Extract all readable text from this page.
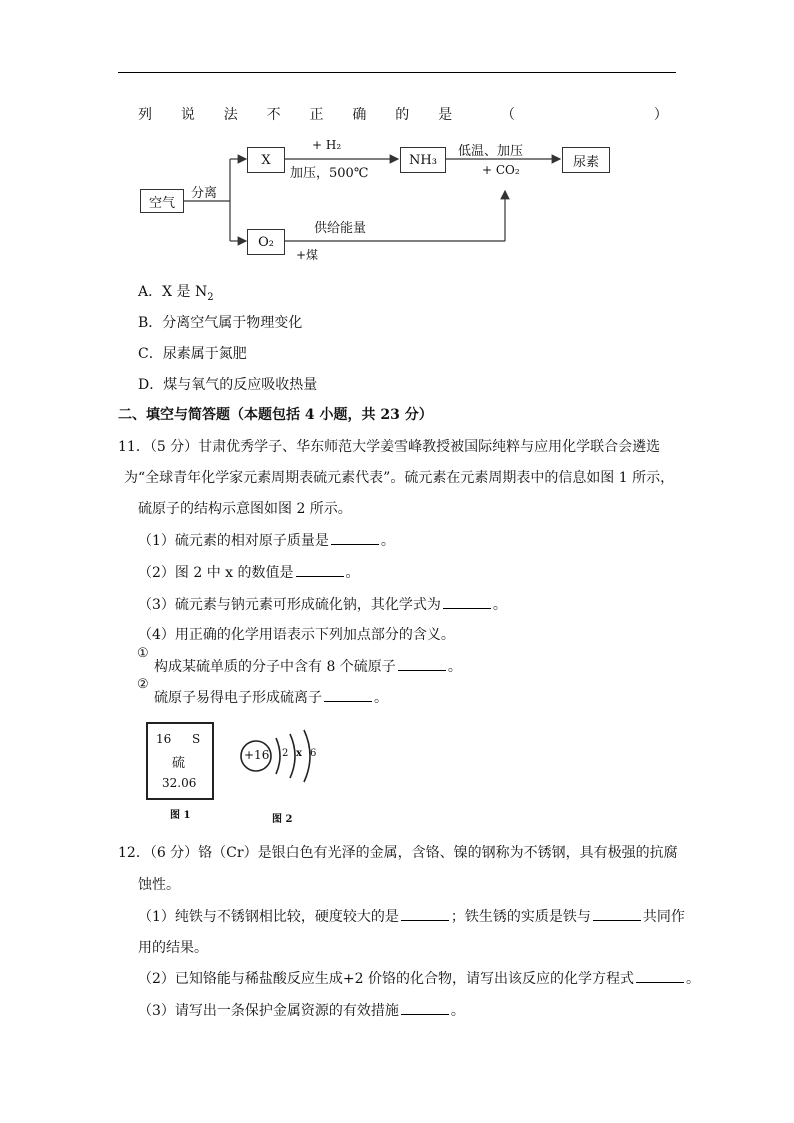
列 说 法 不 正 确 的 是	（	）
空气
分离
X
O₂
NH₃	尿素
+ H₂
加压，500℃
低温、加压
+ CO₂
供给能量
+煤
A．X 是 $N_2$
B．分离空气属于物理变化
C．尿素属于氮肥
D．煤与氧气的反应吸收热量
二、填空与简答题（本题包括 4 小题，共 23 分）
11．（5 分）甘肃优秀学子、华东师范大学姜雪峰教授被国际纯粹与应用化学联合会遴选
为“全球青年化学家元素周期表硫元素代表”。硫元素在元素周期表中的信息如图 1 所示，
硫原子的结构示意图如图 2 所示。
（1）硫元素的相对原子质量是	。
（2）图 2 中 x 的数值是	。
（3）硫元素与钠元素可形成硫化钠，其化学式为	。
（4）用正确的化学用语表示下列加点部分的含义。
①
构成某硫单质的分子中含有 8 个硫原子	。
②
硫原子易得电子形成硫离子	。
16 S
硫
32.06
图 1
+16 2 x 6
图 2
12．（6 分）铬（Cr）是银白色有光泽的金属，含铬、镍的钢称为不锈钢，具有极强的抗腐
蚀性。
（1）纯铁与不锈钢相比较，硬度较大的是	；铁生锈的实质是铁与	共同作
用的结果。
（2）已知铬能与稀盐酸反应生成+2 价铬的化合物，请写出该反应的化学方程式	。
（3）请写出一条保护金属资源的有效措施	。
